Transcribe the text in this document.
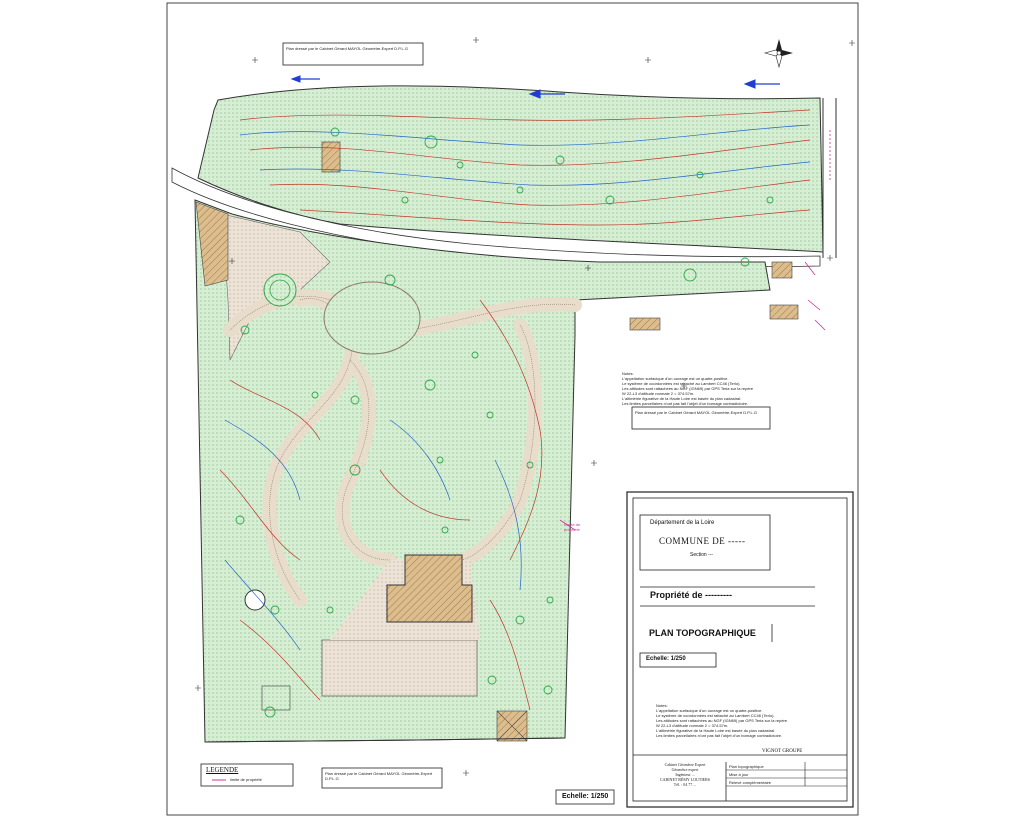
Plan dressé par le Cabinet Gérard MAYOL Géomètre-Expert D.P.L.G
Plan dressé par le Cabinet Gérard MAYOL Géomètre-Expert D.P.L.G
Plan dressé par le Cabinet Gérard MAYOL Géomètre-Expert D.P.L.G
Notes:
L'appellation surfacique d'un ouvrage est un quatre-positive.
Le système de coordonnées est rattaché au Lambert CC46 (Terlo).
Les altitudes sont rattachées au NGF (IGN69) par GPS Teria sur la repère
W 22-L3 d'altitude normale 2 = 374.57m.
L'altimétrie figurative de la Haute Loire est basée du plan cadastral.
Les limites parcellaires n'ont pas fait l'objet d'un bornage contradictoire.
Limite de propriété
Département de la Loire
COMMUNE DE -----
Section ---
Propriété de ---------
PLAN TOPOGRAPHIQUE
Echelle: 1/250
Notes:
L'appellation surfacique d'un ouvrage est un quatre-positive.
Le système de coordonnées est rattaché au Lambert CC46 (Terlo).
Les altitudes sont rattachées au NGF (IGN69) par GPS Teria sur la repère
W 22-L3 d'altitude normale 2 = 374.57m.
L'altimétrie figurative de la Haute Loire est basée du plan cadastral.
Les limites parcellaires n'ont pas fait l'objet d'un bornage contradictoire.
VIGNOT GROUPE
Cabinet Géomètre Expert
Géomètre expert
Ingénieur ...
CABINET RÉMY LOUTIERS
Tél. : 04 77 ...
Plan topographique
Mise à jour
Relevé complémentaire
LEGENDE
limite de propriété
Echelle: 1/250
